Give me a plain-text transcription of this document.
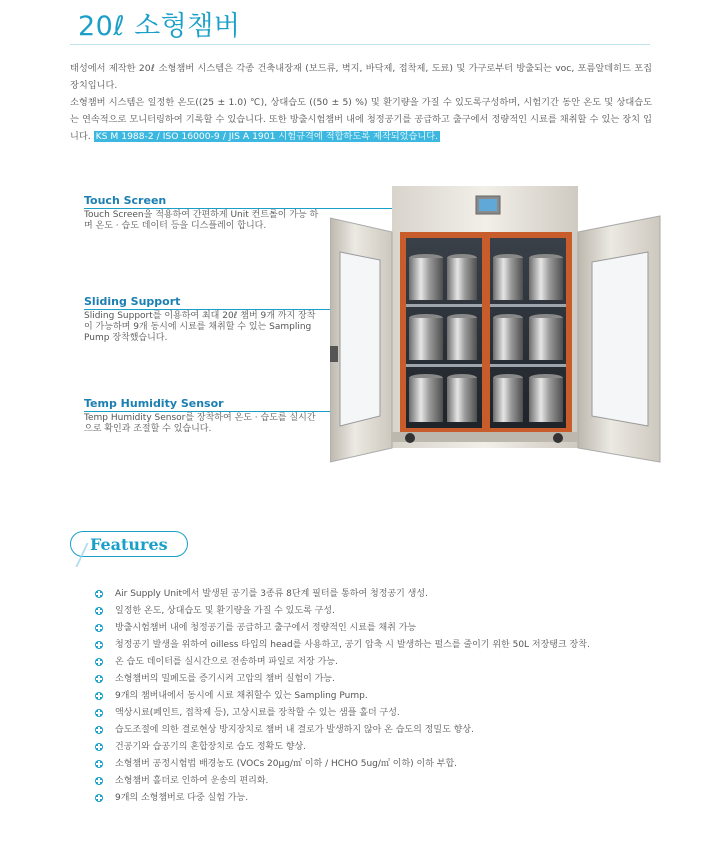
20ℓ 소형챔버

태성에서 제작한 20ℓ 소형챔버 시스템은 각종 건축내장재 (보드류, 벽지, 바닥제, 접착제, 도료) 및 가구로부터 방출되는 voc, 포름알데히드 포집장치입니다.

소형챔버 시스템은 일정한 온도((25 ± 1.0) ℃), 상대습도 ((50 ± 5) %) 및 환기량을 가질 수 있도록구성하며, 시험기간 동안 온도 및 상대습도는 연속적으로 모니터링하여 기록할 수 있습니다. 또한 방출시험챔버 내에 청정공기를 공급하고 출구에서 정량적인 시료를 채취할 수 있는 장치 입니다. KS M 1988-2 / ISO 16000-9 / JIS A 1901 시험규격에 적합하도록 제작되었습니다.

Touch Screen
Touch Screen을 적용하여 간편하게 Unit 컨트롤이 가능 하며 온도 · 습도 데이터 등을 디스플레이 합니다.
Sliding Support
Sliding Support를 이용하여 최대 20ℓ 챔버 9개 까지 장착이 가능하며 9개 동시에 시료를 채취할 수 있는 Sampling Pump 장착했습니다.
Temp Humidity Sensor
Temp Humidity Sensor를 장착하여 온도 · 습도를 실시간으로 확인과 조절할 수 있습니다.
Features
Air Supply Unit에서 발생된 공기를 3종류 8단계 필터를 통하여 청정공기 생성.
일정한 온도, 상대습도 및 환기량을 가질 수 있도록 구성.
방출시험챔버 내에 청정공기를 공급하고 출구에서 정량적인 시료를 채취 가능
청정공기 발생을 위하여 oilless 타입의 head를 사용하고, 공기 압축 시 발생하는 펄스를 줄이기 위한 50L 저장탱크 장착.
온 습도 데이터를 실시간으로 전송하며 파일로 저장 가능.
소형챔버의 밀폐도를 증기시켜 고압의 챔버 실험이 가능.
9개의 챔버내에서 동시에 시료 채취할수 있는 Sampling Pump.
액상시료(페인트, 접착제 등), 고상시료를 장착할 수 있는 샘플 홀더 구성.
습도조절에 의한 결로현상 방지장치로 챔버 내 결로가 발생하지 않아 온 습도의 정밀도 향상.
건공기와 습공기의 혼합장치로 습도 정확도 향상.
소형챔버 공정시험법 배경농도 (VOCs 20μg/㎥ 이하 / HCHO 5ug/㎥ 이하) 이하 부합.
소형챔버 홀더로 인하여 운송의 편리화.
9개의 소형챔버로 다중 실험 가능.
